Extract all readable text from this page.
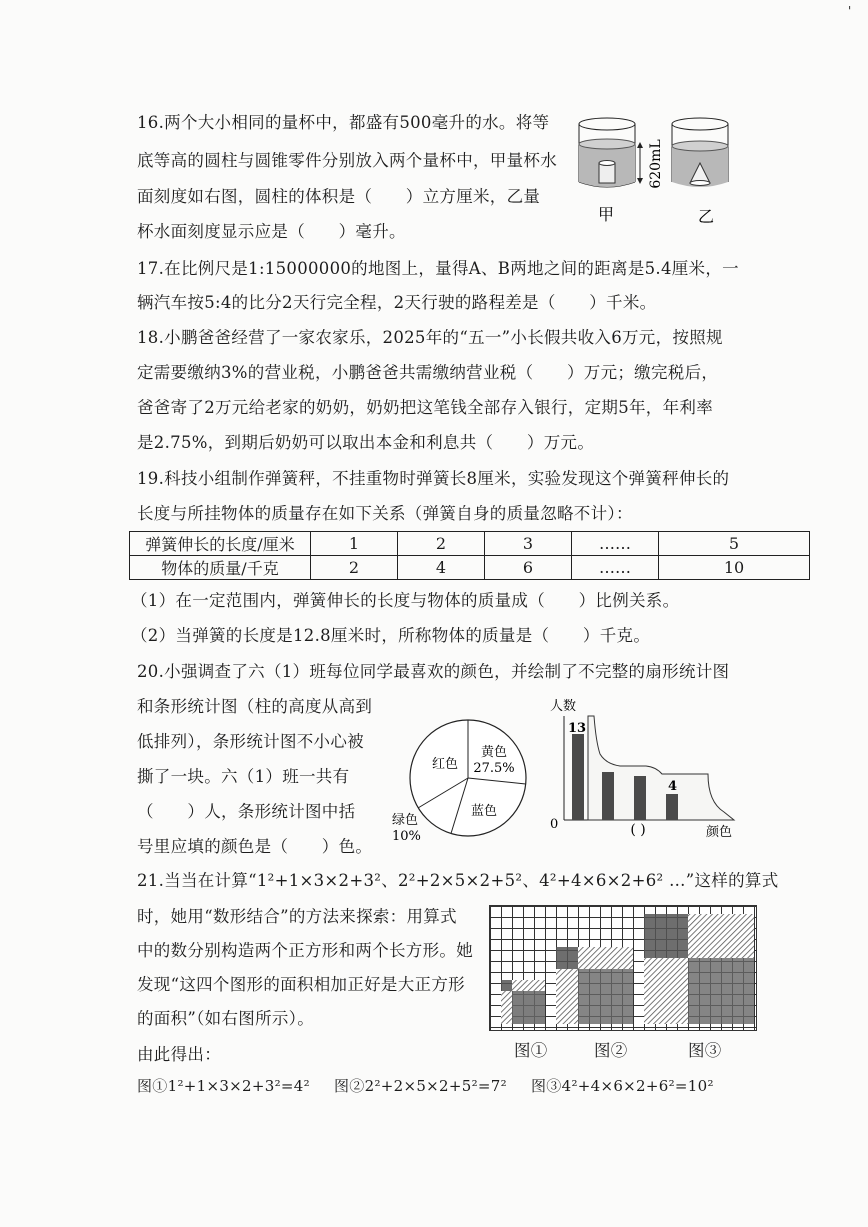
'
16.两个大小相同的量杯中，都盛有500毫升的水。将等
底等高的圆柱与圆锥零件分别放入两个量杯中，甲量杯水
面刻度如右图，圆柱的体积是（　　）立方厘米，乙量
杯水面刻度显示应是（　　）毫升。
620mL
甲	乙
17.在比例尺是1:15000000的地图上，量得A、B两地之间的距离是5.4厘米，一
辆汽车按5:4的比分2天行完全程，2天行驶的路程差是（　　）千米。
18.小鹏爸爸经营了一家农家乐，2025年的“五一”小长假共收入6万元，按照规
定需要缴纳3%的营业税，小鹏爸爸共需缴纳营业税（　　）万元；缴完税后，
爸爸寄了2万元给老家的奶奶，奶奶把这笔钱全部存入银行，定期5年，年利率
是2.75%，到期后奶奶可以取出本金和利息共（　　）万元。
19.科技小组制作弹簧秤，不挂重物时弹簧长8厘米，实验发现这个弹簧秤伸长的
长度与所挂物体的质量存在如下关系（弹簧自身的质量忽略不计）：
弹簧伸长的长度/厘米	1	2	3	……	5
物体的质量/千克	2	4	6	……	10
（1）在一定范围内，弹簧伸长的长度与物体的质量成（　　）比例关系。
（2）当弹簧的长度是12.8厘米时，所称物体的质量是（　　）千克。
20.小强调查了六（1）班每位同学最喜欢的颜色，并绘制了不完整的扇形统计图
和条形统计图（柱的高度从高到
低排列），条形统计图不小心被
撕了一块。六（1）班一共有
（　　）人，条形统计图中括
号里应填的颜色是（　　）色。
红色
黄色
27.5%
蓝色
绿色
10%
人数
0
13
4
( )	颜色
21.当当在计算“1²+1×3×2+3²、2²+2×5×2+5²、4²+4×6×2+6² …”这样的算式
时，她用“数形结合”的方法来探索：用算式
中的数分别构造两个正方形和两个长方形。她
发现“这四个图形的面积相加正好是大正方形
的面积”（如右图所示）。
由此得出：	图①	图②	图③
图①1²+1×3×2+3²=4² 图②2²+2×5×2+5²=7² 图③4²+4×6×2+6²=10²
